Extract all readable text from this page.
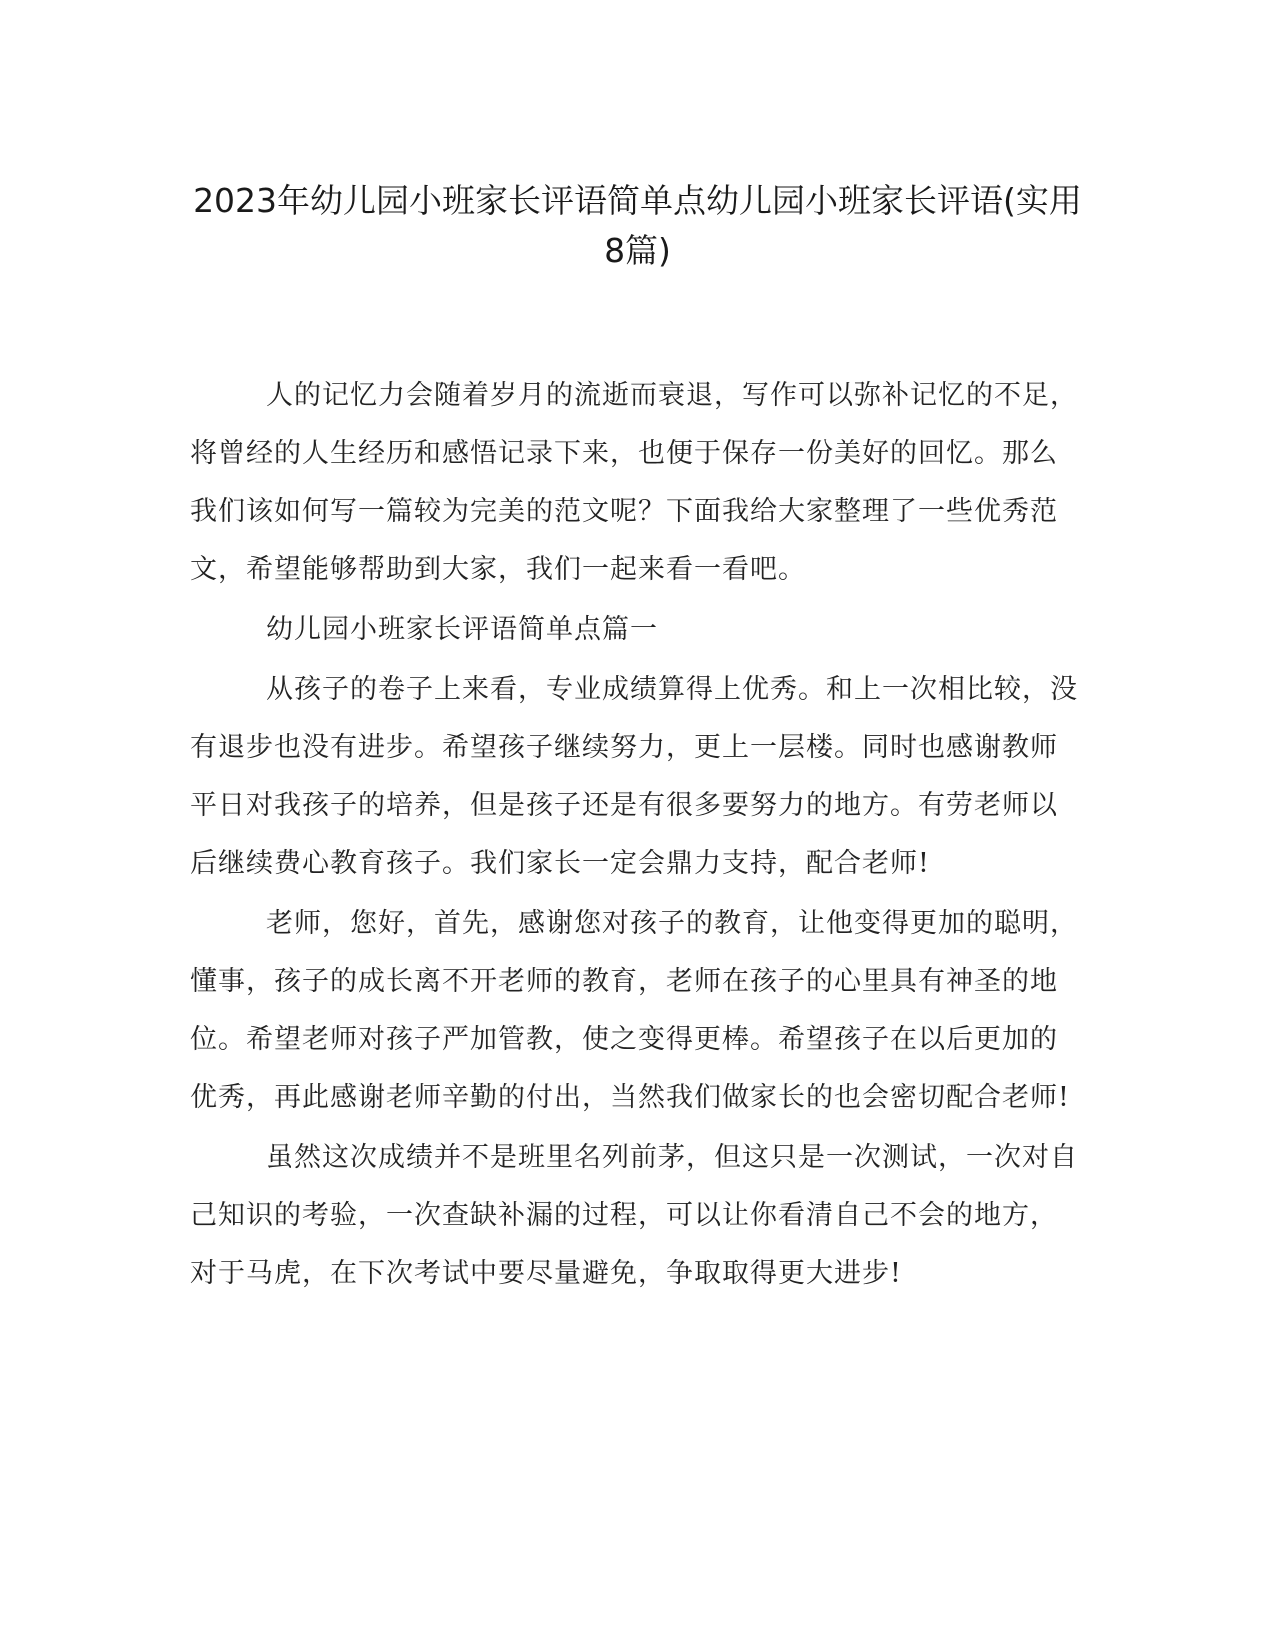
2023年幼儿园小班家长评语简单点幼儿园小班家长评语(实用
8篇)

人的记忆力会随着岁月的流逝而衰退，写作可以弥补记忆的不足，将曾经的人生经历和感悟记录下来，也便于保存一份美好的回忆。那么我们该如何写一篇较为完美的范文呢？下面我给大家整理了一些优秀范文，希望能够帮助到大家，我们一起来看一看吧。

幼儿园小班家长评语简单点篇一

从孩子的卷子上来看，专业成绩算得上优秀。和上一次相比较，没有退步也没有进步。希望孩子继续努力，更上一层楼。同时也感谢教师平日对我孩子的培养，但是孩子还是有很多要努力的地方。有劳老师以后继续费心教育孩子。我们家长一定会鼎力支持，配合老师!

老师，您好，首先，感谢您对孩子的教育，让他变得更加的聪明，懂事，孩子的成长离不开老师的教育，老师在孩子的心里具有神圣的地位。希望老师对孩子严加管教，使之变得更棒。希望孩子在以后更加的优秀，再此感谢老师辛勤的付出，当然我们做家长的也会密切配合老师!

虽然这次成绩并不是班里名列前茅，但这只是一次测试，一次对自己知识的考验，一次查缺补漏的过程，可以让你看清自己不会的地方，对于马虎，在下次考试中要尽量避免，争取取得更大进步!
